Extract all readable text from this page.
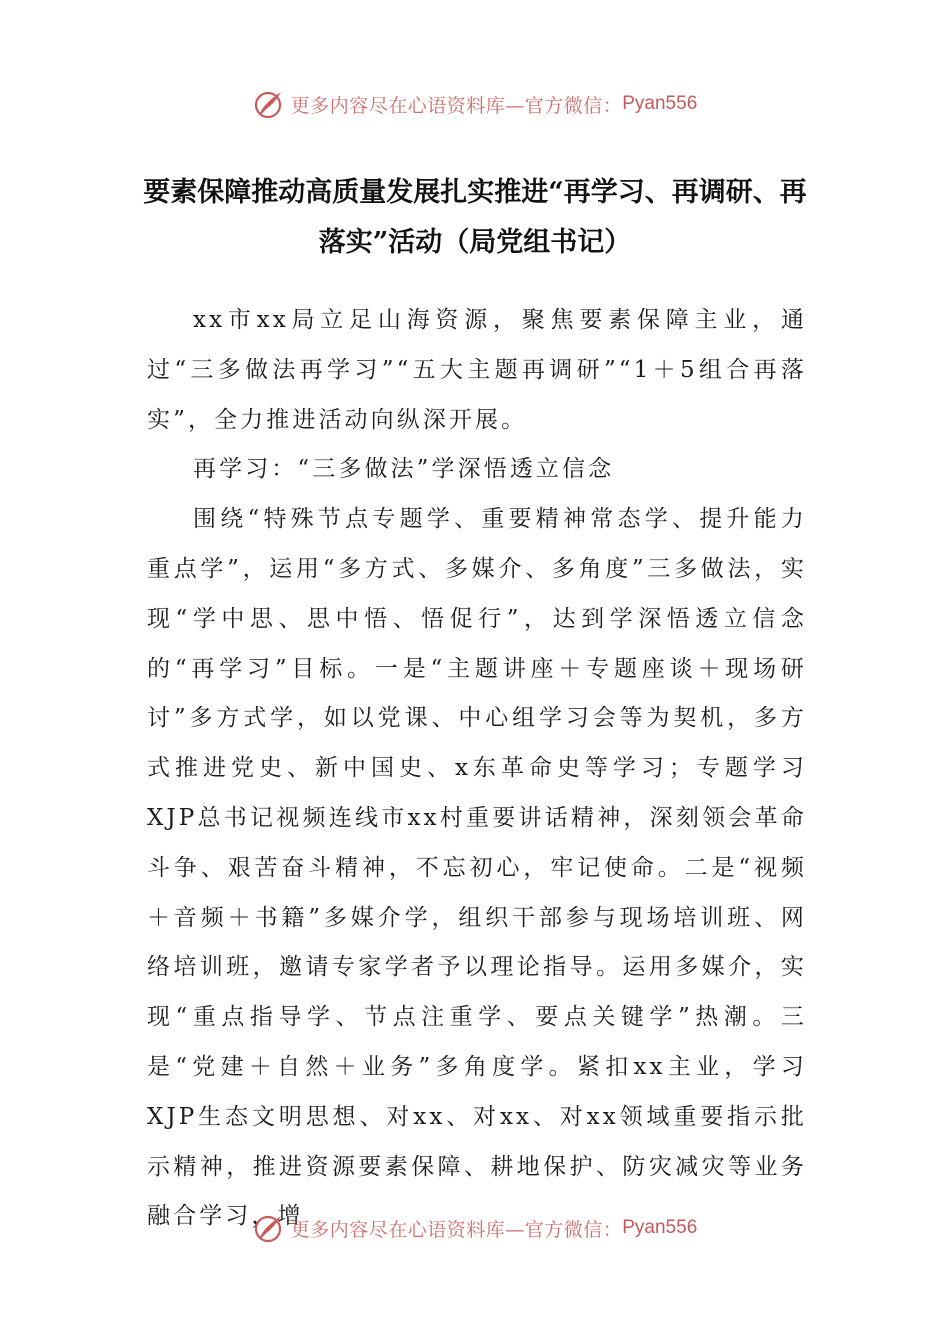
更多内容尽在心语资料库—官方微信： Pyan556
要素保障推动高质量发展扎实推进“再学习、再调研、再落实”活动（局党组书记）

xx市xx局立足山海资源，聚焦要素保障主业，通过“三多做法再学习”“五大主题再调研”“1＋5组合再落实”，全力推进活动向纵深开展。

再学习：“三多做法”学深悟透立信念

围绕“特殊节点专题学、重要精神常态学、提升能力重点学”，运用“多方式、多媒介、多角度”三多做法，实现“学中思、思中悟、悟促行”，达到学深悟透立信念的“再学习”目标。一是“主题讲座＋专题座谈＋现场研讨”多方式学，如以党课、中心组学习会等为契机，多方式推进党史、新中国史、x东革命史等学习；专题学习XJP总书记视频连线市xx村重要讲话精神，深刻领会革命斗争、艰苦奋斗精神，不忘初心，牢记使命。二是“视频＋音频＋书籍”多媒介学，组织干部参与现场培训班、网络培训班，邀请专家学者予以理论指导。运用多媒介，实现“重点指导学、节点注重学、要点关键学”热潮。三是“党建＋自然＋业务”多角度学。紧扣xx主业，学习XJP生态文明思想、对xx、对xx、对xx领域重要指示批示精神，推进资源要素保障、耕地保护、防灾减灾等业务融合学习，增

更多内容尽在心语资料库—官方微信： Pyan556
